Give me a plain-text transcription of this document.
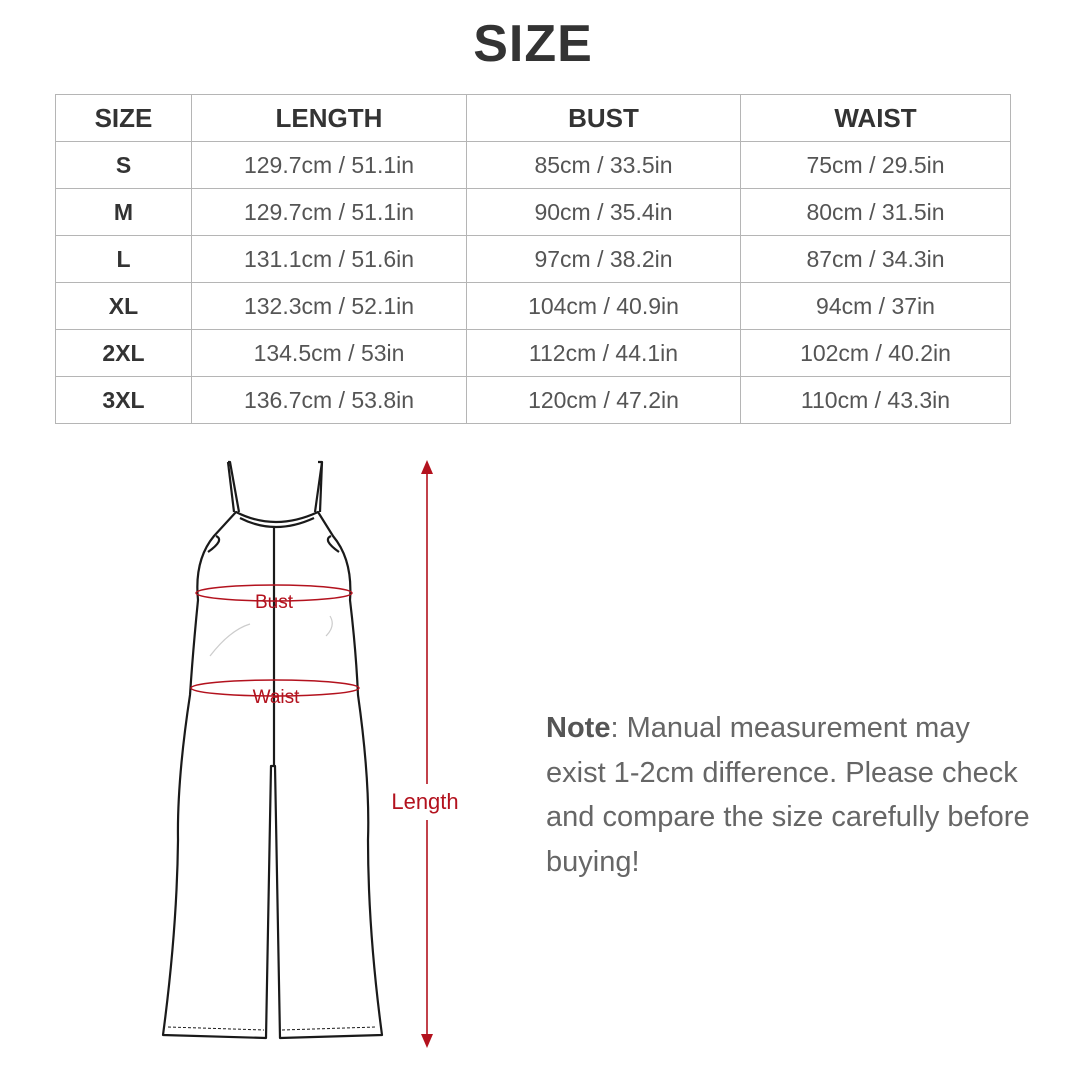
SIZE
SIZE	LENGTH	BUST	WAIST
S	129.7cm / 51.1in	85cm / 33.5in	75cm / 29.5in
M	129.7cm / 51.1in	90cm / 35.4in	80cm / 31.5in
L	131.1cm / 51.6in	97cm / 38.2in	87cm / 34.3in
XL	132.3cm / 52.1in	104cm / 40.9in	94cm / 37in
2XL	134.5cm / 53in	112cm / 44.1in	102cm / 40.2in
3XL	136.7cm / 53.8in	120cm / 47.2in	110cm / 43.3in
Bust
Waist
Length
Note: Manual measurement may exist 1-2cm difference. Please check and compare the size carefully before buying!
